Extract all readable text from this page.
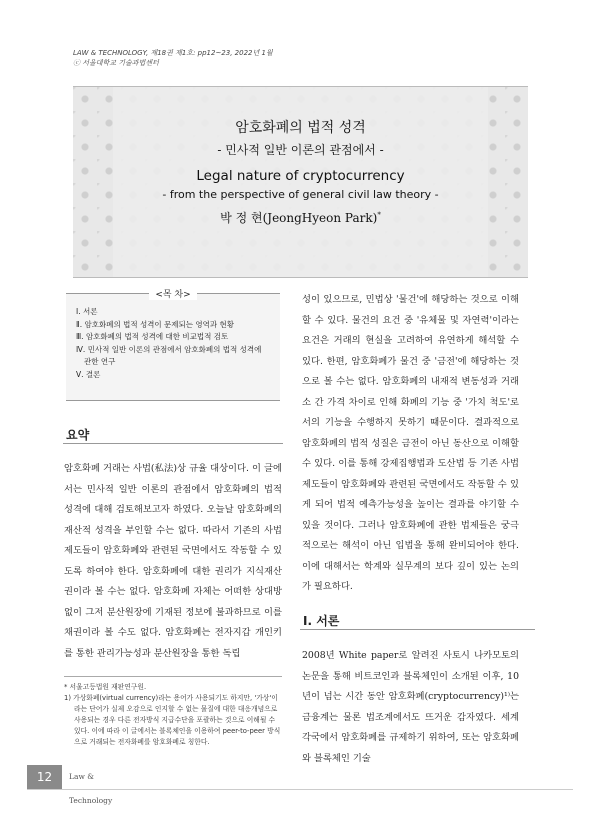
LAW & TECHNOLOGY, 제18권 제1호: pp12~23, 2022년 1월
ⓒ 서울대학교 기술과법센터
암호화폐의 법적 성격
- 민사적 일반 이론의 관점에서 -
Legal nature of cryptocurrency
- from the perspective of general civil law theory -
박 정 현(JeongHyeon Park)*
<목 차>
Ⅰ. 서론
Ⅱ. 암호화폐의 법적 성격이 문제되는 영역과 현황
Ⅲ. 암호화폐의 법적 성격에 대한 비교법적 검토
Ⅳ. 민사적 일반 이론의 관점에서 암호화폐의 법적 성격에
관한 연구
Ⅴ. 결론
요약
암호화폐 거래는 사법(私法)상 규율 대상이다. 이 글에서는 민사적 일반 이론의 관점에서 암호화폐의 법적 성격에 대해 검토해보고자 하였다. 오늘날 암호화폐의 재산적 성격을 부인할 수는 없다. 따라서 기존의 사법 제도들이 암호화폐와 관련된 국면에서도 작동할 수 있도록 하여야 한다. 암호화폐에 대한 권리가 지식재산권이라 볼 수는 없다. 암호화폐 자체는 어떠한 상대방 없이 그저 분산원장에 기재된 정보에 불과하므로 이를 채권이라 볼 수도 없다. 암호화폐는 전자지갑 개인키를 통한 관리가능성과 분산원장을 통한 독립
성이 있으므로, 민법상 '물건'에 해당하는 것으로 이해할 수 있다. 물건의 요건 중 '유체물 및 자연력'이라는 요건은 거래의 현실을 고려하여 유연하게 해석할 수 있다. 한편, 암호화폐가 물건 중 '금전'에 해당하는 것으로 볼 수는 없다. 암호화폐의 내재적 변동성과 거래소 간 가격 차이로 인해 화폐의 기능 중 '가치 척도'로서의 기능을 수행하지 못하기 때문이다. 결과적으로 암호화폐의 법적 성질은 금전이 아닌 동산으로 이해할 수 있다. 이를 통해 강제집행법과 도산법 등 기존 사법 제도들이 암호화폐와 관련된 국면에서도 작동할 수 있게 되어 법적 예측가능성을 높이는 결과를 야기할 수 있을 것이다. 그러나 암호화폐에 관한 법제들은 궁극적으로는 해석이 아닌 입법을 통해 완비되어야 한다. 이에 대해서는 학계와 실무계의 보다 깊이 있는 논의가 필요하다.
Ⅰ. 서론
2008년 White paper로 알려진 사토시 나카모토의 논문을 통해 비트코인과 블록체인이 소개된 이후, 10년이 넘는 시간 동안 암호화폐(cryptocurrency)¹⁾는 금융계는 물론 법조계에서도 뜨거운 감자였다. 세계 각국에서 암호화폐를 규제하기 위하여, 또는 암호화폐와 블록체인 기술

* 서울고등법원 재판연구원.

1) 가상화폐(virtual currency)라는 용어가 사용되기도 하지만, '가상'이라는 단어가 실제 오감으로 인지할 수 없는 물질에 대한 대응개념으로 사용되는 경우 다른 전자방식 지급수단을 포괄하는 것으로 이해될 수 있다. 이에 따라 이 글에서는 블록체인을 이용하여 peer-to-peer 방식으로 거래되는 전자화폐를 암호화폐로 칭한다.

12	Law & Technology
